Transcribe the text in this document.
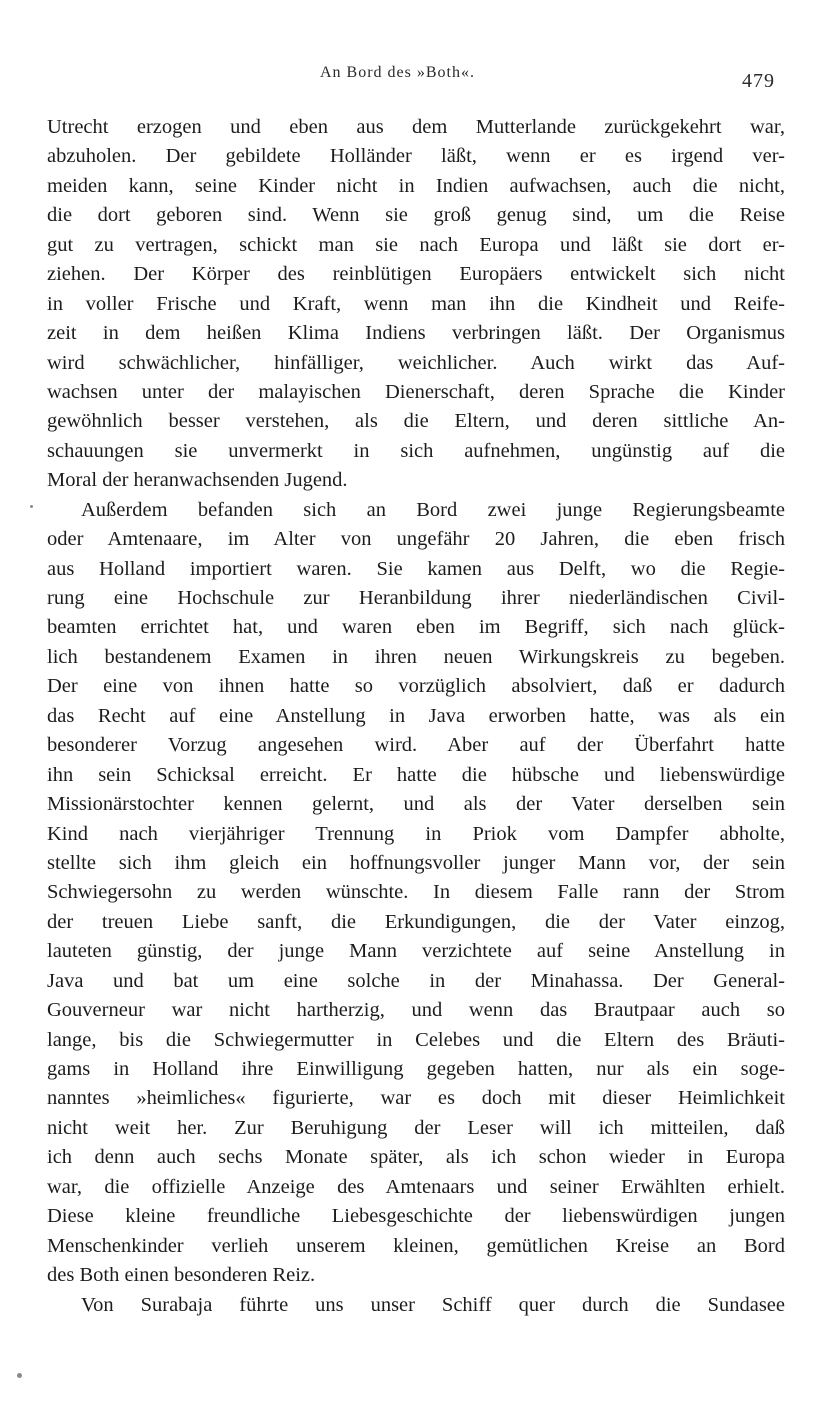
An Bord des »Both«.	479
Utrecht erzogen und eben aus dem Mutterlande zurückgekehrt war,
abzuholen. Der gebildete Holländer läßt, wenn er es irgend ver-
meiden kann, seine Kinder nicht in Indien aufwachsen, auch die nicht,
die dort geboren sind. Wenn sie groß genug sind, um die Reise
gut zu vertragen, schickt man sie nach Europa und läßt sie dort er-
ziehen. Der Körper des reinblütigen Europäers entwickelt sich nicht
in voller Frische und Kraft, wenn man ihn die Kindheit und Reife-
zeit in dem heißen Klima Indiens verbringen läßt. Der Organismus
wird schwächlicher, hinfälliger, weichlicher. Auch wirkt das Auf-
wachsen unter der malayischen Dienerschaft, deren Sprache die Kinder
gewöhnlich besser verstehen, als die Eltern, und deren sittliche An-
schauungen sie unvermerkt in sich aufnehmen, ungünstig auf die
Moral der heranwachsenden Jugend.
Außerdem befanden sich an Bord zwei junge Regierungsbeamte
oder Amtenaare, im Alter von ungefähr 20 Jahren, die eben frisch
aus Holland importiert waren. Sie kamen aus Delft, wo die Regie-
rung eine Hochschule zur Heranbildung ihrer niederländischen Civil-
beamten errichtet hat, und waren eben im Begriff, sich nach glück-
lich bestandenem Examen in ihren neuen Wirkungskreis zu begeben.
Der eine von ihnen hatte so vorzüglich absolviert, daß er dadurch
das Recht auf eine Anstellung in Java erworben hatte, was als ein
besonderer Vorzug angesehen wird. Aber auf der Überfahrt hatte
ihn sein Schicksal erreicht. Er hatte die hübsche und liebenswürdige
Missionärstochter kennen gelernt, und als der Vater derselben sein
Kind nach vierjähriger Trennung in Priok vom Dampfer abholte,
stellte sich ihm gleich ein hoffnungsvoller junger Mann vor, der sein
Schwiegersohn zu werden wünschte. In diesem Falle rann der Strom
der treuen Liebe sanft, die Erkundigungen, die der Vater einzog,
lauteten günstig, der junge Mann verzichtete auf seine Anstellung in
Java und bat um eine solche in der Minahassa. Der General-
Gouverneur war nicht hartherzig, und wenn das Brautpaar auch so
lange, bis die Schwiegermutter in Celebes und die Eltern des Bräuti-
gams in Holland ihre Einwilligung gegeben hatten, nur als ein soge-
nanntes »heimliches« figurierte, war es doch mit dieser Heimlichkeit
nicht weit her. Zur Beruhigung der Leser will ich mitteilen, daß
ich denn auch sechs Monate später, als ich schon wieder in Europa
war, die offizielle Anzeige des Amtenaars und seiner Erwählten erhielt.
Diese kleine freundliche Liebesgeschichte der liebenswürdigen jungen
Menschenkinder verlieh unserem kleinen, gemütlichen Kreise an Bord
des Both einen besonderen Reiz.
Von Surabaja führte uns unser Schiff quer durch die Sundasee
